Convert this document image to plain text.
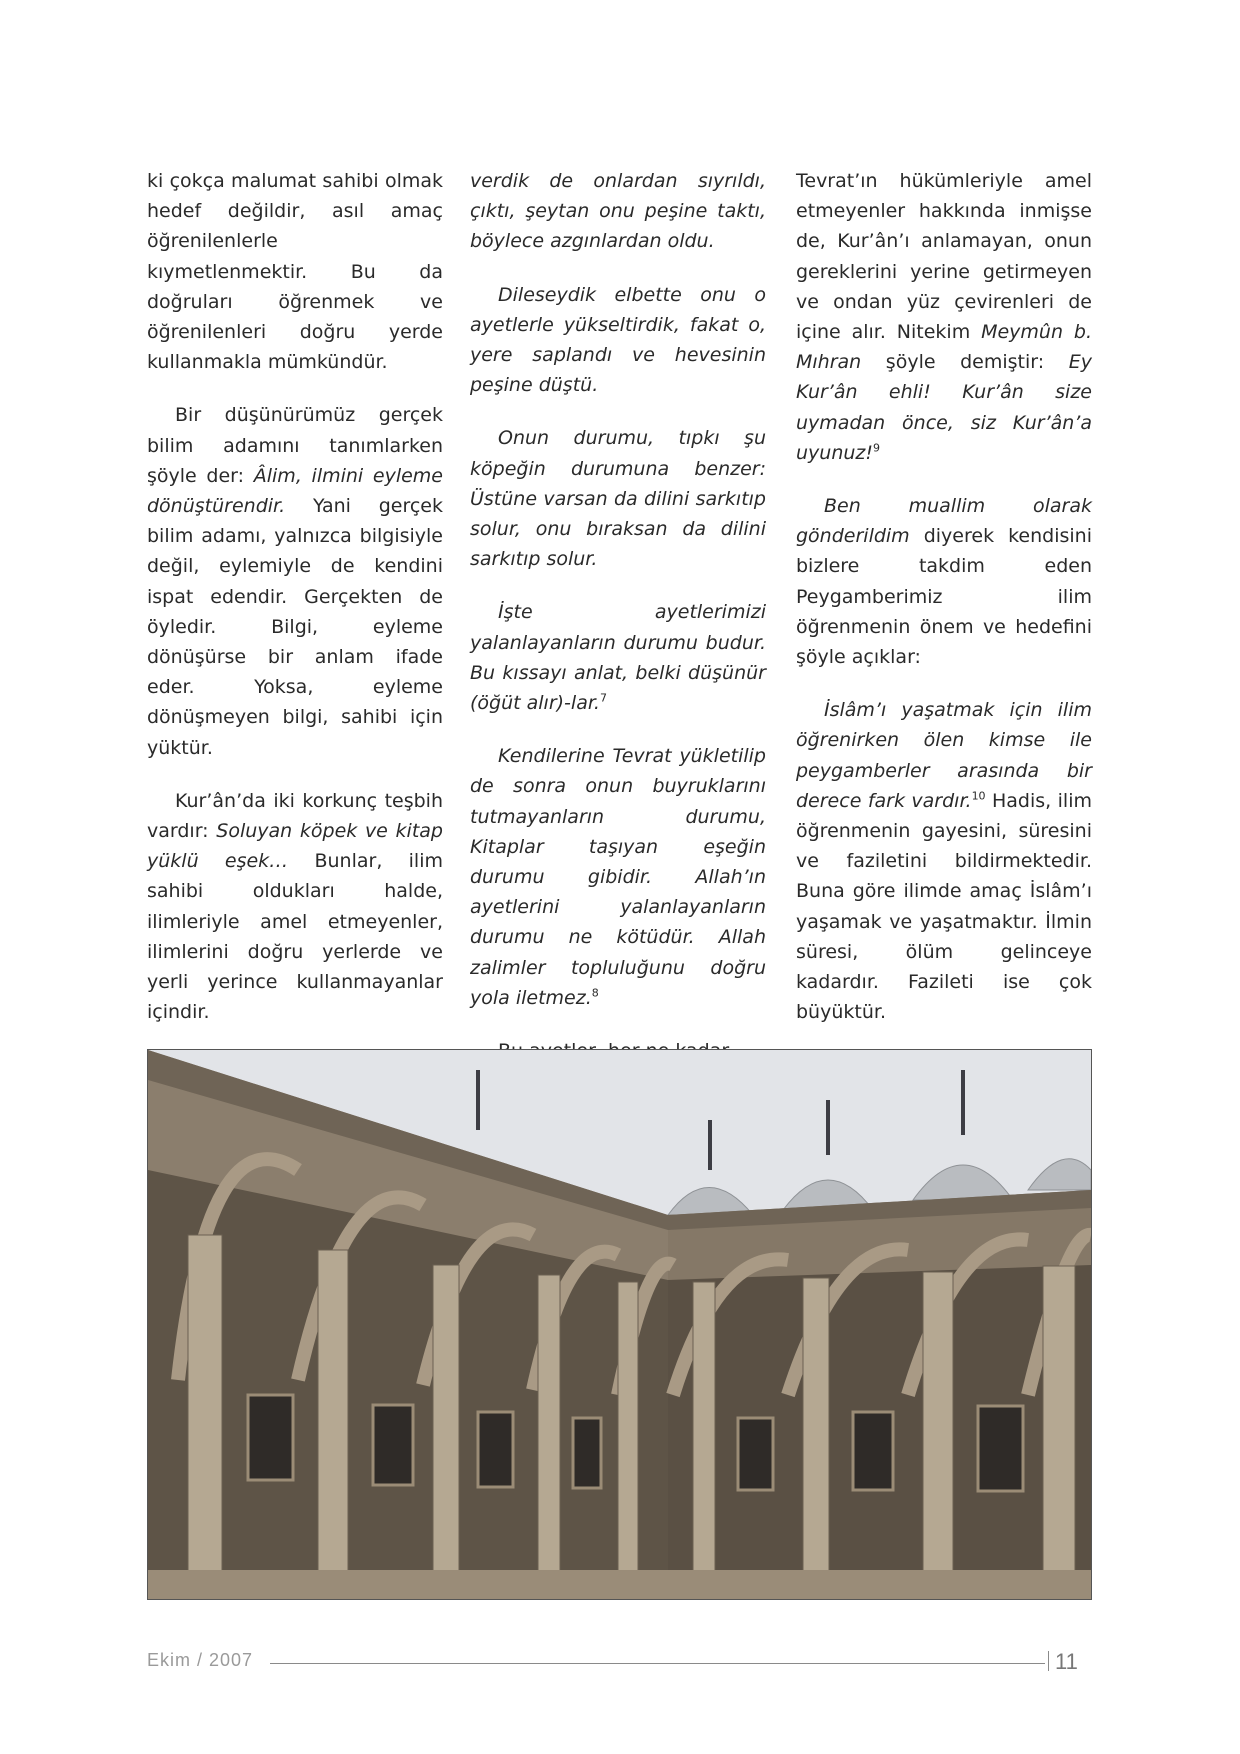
ki çokça malumat sahibi olmak hedef değildir, asıl amaç öğrenilenlerle kıymetlenmektir. Bu da doğruları öğrenmek ve öğrenilenleri doğru yerde kullanmakla mümkündür.

Bir düşünürümüz gerçek bilim adamını tanımlarken şöyle der: Âlim, ilmini eyleme dönüştürendir. Yani gerçek bilim adamı, yalnızca bilgisiyle değil, eylemiyle de kendini ispat edendir. Gerçekten de öyledir. Bilgi, eyleme dönüşürse bir anlam ifade eder. Yoksa, eyleme dönüşmeyen bilgi, sahibi için yüktür.

Kur’ân’da iki korkunç teşbih vardır: Soluyan köpek ve kitap yüklü eşek… Bunlar, ilim sahibi oldukları halde, ilimleriyle amel etmeyenler, ilimlerini doğru yerlerde ve yerli yerince kullanmayanlar içindir.

verdik de onlardan sıyrıldı, çıktı, şeytan onu peşine taktı, böylece azgınlardan oldu.

Dileseydik elbette onu o ayetlerle yükseltirdik, fakat o, yere saplandı ve hevesinin peşine düştü.

Onun durumu, tıpkı şu köpeğin durumuna benzer: Üstüne varsan da dilini sarkıtıp solur, onu bıraksan da dilini sarkıtıp solur.

İşte ayetlerimizi yalanlayanların durumu budur. Bu kıssayı anlat, belki düşünür (öğüt alır)-lar.$^7$

Kendilerine Tevrat yükletilip de sonra onun buyruklarını tutmayanların durumu, Kitaplar taşıyan eşeğin durumu gibidir. Allah’ın ayetlerini yalanlayanların durumu ne kötüdür. Allah zalimler topluluğunu doğru yola iletmez.$^8$

Tevrat’ın hükümleriyle amel etmeyenler hakkında inmişse de, Kur’ân’ı anlamayan, onun gereklerini yerine getirmeyen ve ondan yüz çevirenleri de içine alır. Nitekim Meymûn b. Mıhran şöyle demiştir: Ey Kur’ân ehli! Kur’ân size uymadan önce, siz Kur’ân’a uyunuz!$^9$

Ben muallim olarak gönderildim diyerek kendisini bizlere takdim eden Peygamberimiz ilim öğrenmenin önem ve hedefini şöyle açıklar:

İslâm’ı yaşatmak için ilim öğrenirken ölen kimse ile peygamberler arasında bir derece fark vardır.$^{10}$ Hadis, ilim öğrenmenin gayesini, süresini ve faziletini bildirmektedir. Buna göre ilimde amaç İslâm’ı yaşamak ve yaşatmaktır. İlmin süresi, ölüm gelinceye kadardır. Fazileti ise çok büyüktür.

Ekim / 2007	11
